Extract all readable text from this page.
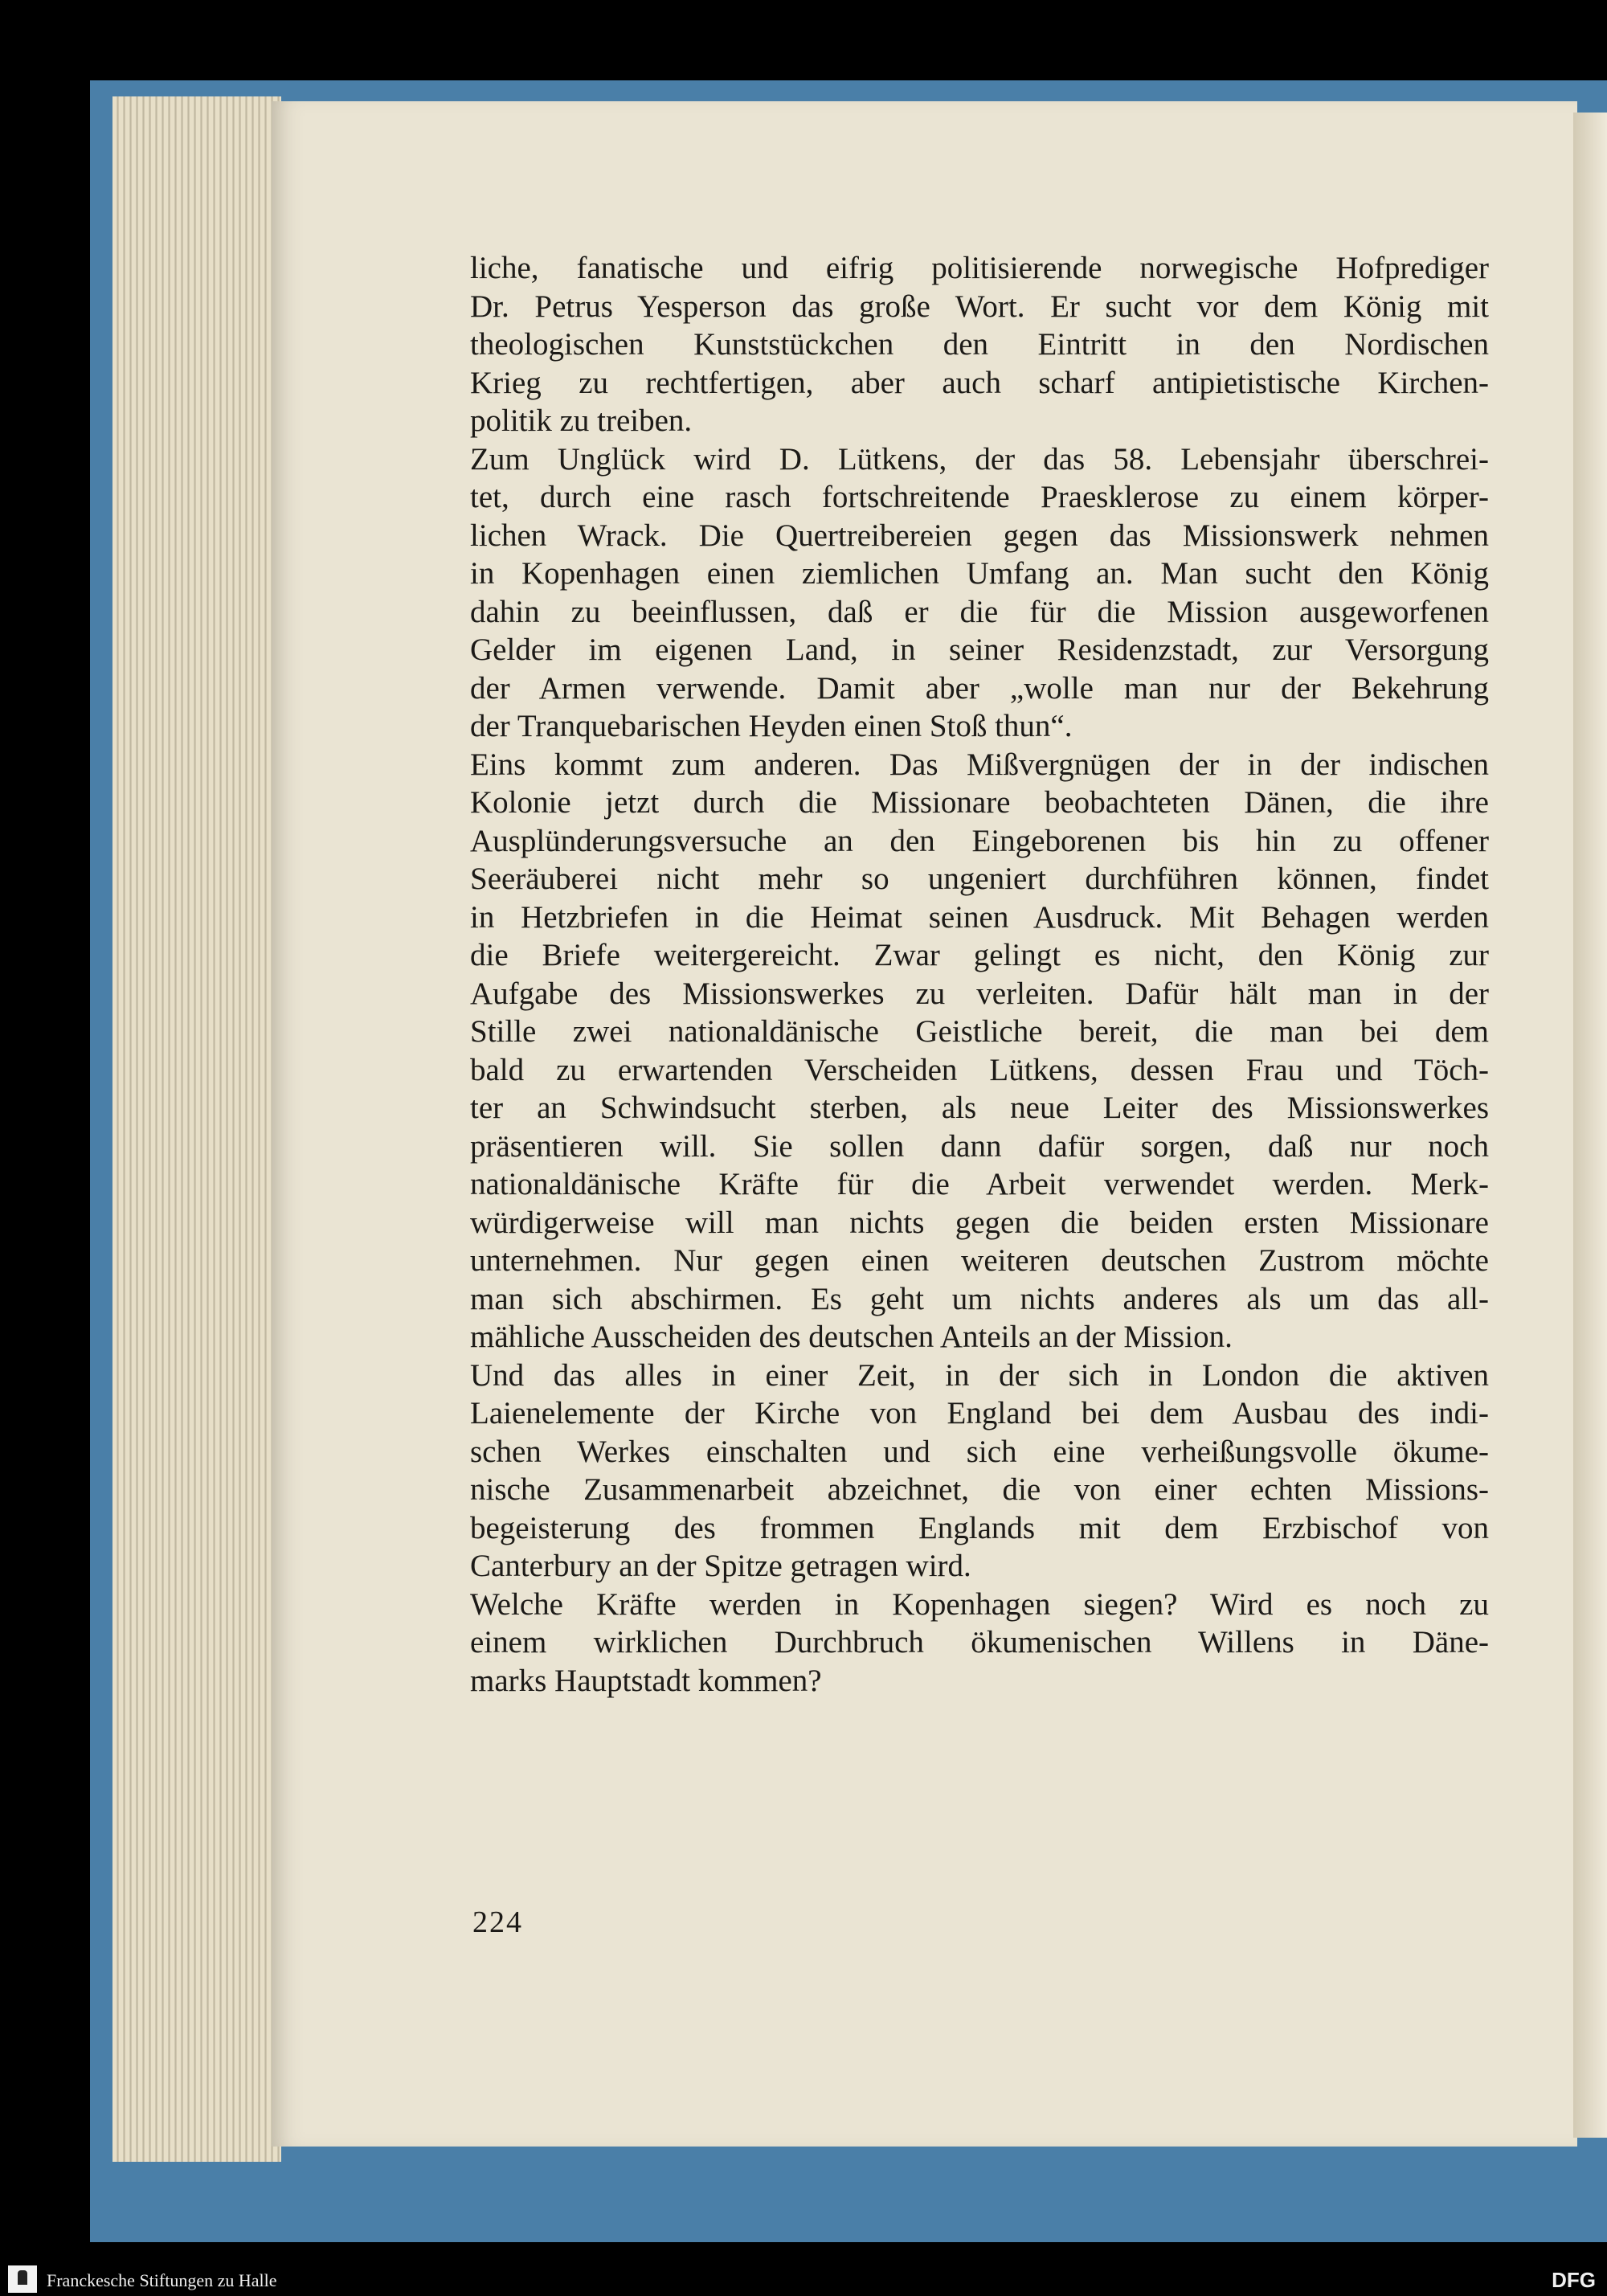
liche, fanatische und eifrig politisierende norwegische Hofprediger
Dr. Petrus Yesperson das große Wort. Er sucht vor dem König mit
theologischen Kunststückchen den Eintritt in den Nordischen
Krieg zu rechtfertigen, aber auch scharf antipietistische Kirchen-
politik zu treiben.
Zum Unglück wird D. Lütkens, der das 58. Lebensjahr überschrei-
tet, durch eine rasch fortschreitende Praesklerose zu einem körper-
lichen Wrack. Die Quertreibereien gegen das Missionswerk nehmen
in Kopenhagen einen ziemlichen Umfang an. Man sucht den König
dahin zu beeinflussen, daß er die für die Mission ausgeworfenen
Gelder im eigenen Land, in seiner Residenzstadt, zur Versorgung
der Armen verwende. Damit aber „wolle man nur der Bekehrung
der Tranquebarischen Heyden einen Stoß thun“.
Eins kommt zum anderen. Das Mißvergnügen der in der indischen
Kolonie jetzt durch die Missionare beobachteten Dänen, die ihre
Ausplünderungsversuche an den Eingeborenen bis hin zu offener
Seeräuberei nicht mehr so ungeniert durchführen können, findet
in Hetzbriefen in die Heimat seinen Ausdruck. Mit Behagen werden
die Briefe weitergereicht. Zwar gelingt es nicht, den König zur
Aufgabe des Missionswerkes zu verleiten. Dafür hält man in der
Stille zwei nationaldänische Geistliche bereit, die man bei dem
bald zu erwartenden Verscheiden Lütkens, dessen Frau und Töch-
ter an Schwindsucht sterben, als neue Leiter des Missionswerkes
präsentieren will. Sie sollen dann dafür sorgen, daß nur noch
nationaldänische Kräfte für die Arbeit verwendet werden. Merk-
würdigerweise will man nichts gegen die beiden ersten Missionare
unternehmen. Nur gegen einen weiteren deutschen Zustrom möchte
man sich abschirmen. Es geht um nichts anderes als um das all-
mähliche Ausscheiden des deutschen Anteils an der Mission.
Und das alles in einer Zeit, in der sich in London die aktiven
Laienelemente der Kirche von England bei dem Ausbau des indi-
schen Werkes einschalten und sich eine verheißungsvolle ökume-
nische Zusammenarbeit abzeichnet, die von einer echten Missions-
begeisterung des frommen Englands mit dem Erzbischof von
Canterbury an der Spitze getragen wird.
Welche Kräfte werden in Kopenhagen siegen? Wird es noch zu
einem wirklichen Durchbruch ökumenischen Willens in Däne-
marks Hauptstadt kommen?
224
Franckesche Stiftungen zu Halle	DFG
